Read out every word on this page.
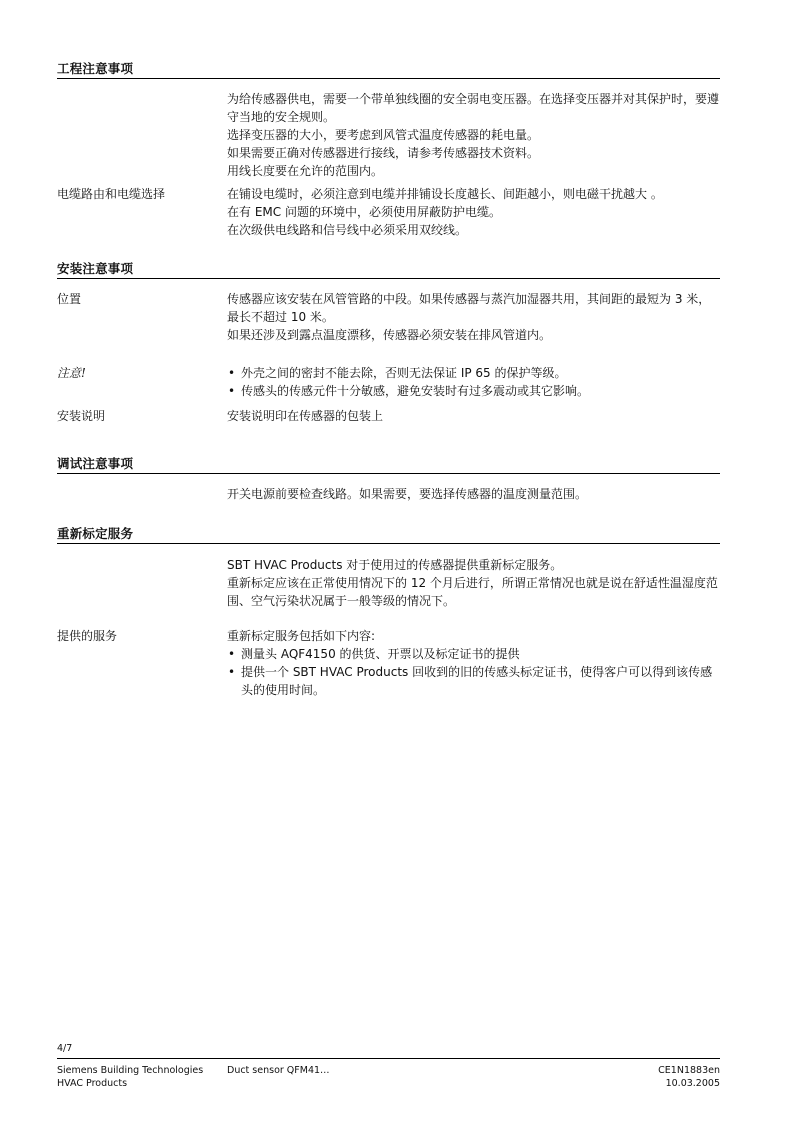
工程注意事项

为给传感器供电，需要一个带单独线圈的安全弱电变压器。在选择变压器并对其保护时，要遵守当地的安全规则。

选择变压器的大小，要考虑到风管式温度传感器的耗电量。

如果需要正确对传感器进行接线，请参考传感器技术资料。

用线长度要在允许的范围内。

电缆路由和电缆选择	在铺设电缆时，必须注意到电缆并排铺设长度越长、间距越小，则电磁干扰越大 。

在有 EMC 问题的环境中，必须使用屏蔽防护电缆。

在次级供电线路和信号线中必须采用双绞线。

安装注意事项
位置	传感器应该安装在风管管路的中段。如果传感器与蒸汽加湿器共用，其间距的最短为 3 米，最长不超过 10 米。

如果还涉及到露点温度漂移，传感器必须安装在排风管道内。

注意!
•	外壳之间的密封不能去除，否则无法保证 IP 65 的保护等级。
• 传感头的传感元件十分敏感，避免安装时有过多震动或其它影响。
安装说明	安装说明印在传感器的包装上
调试注意事项
开关电源前要检查线路。如果需要，要选择传感器的温度测量范围。
重新标定服务

SBT HVAC Products 对于使用过的传感器提供重新标定服务。

重新标定应该在正常使用情况下的 12 个月后进行，所谓正常情况也就是说在舒适性温湿度范围、空气污染状况属于一般等级的情况下。

提供的服务	重新标定服务包括如下内容:

• 测量头 AQF4150 的供货、开票以及标定证书的提供
• 提供一个 SBT HVAC Products 回收到的旧的传感头标定证书，使得客户可以得到该传感头的使用时间。
4/7
Siemens Building Technologies
HVAC Products
Duct sensor QFM41…	CE1N1883en
10.03.2005
